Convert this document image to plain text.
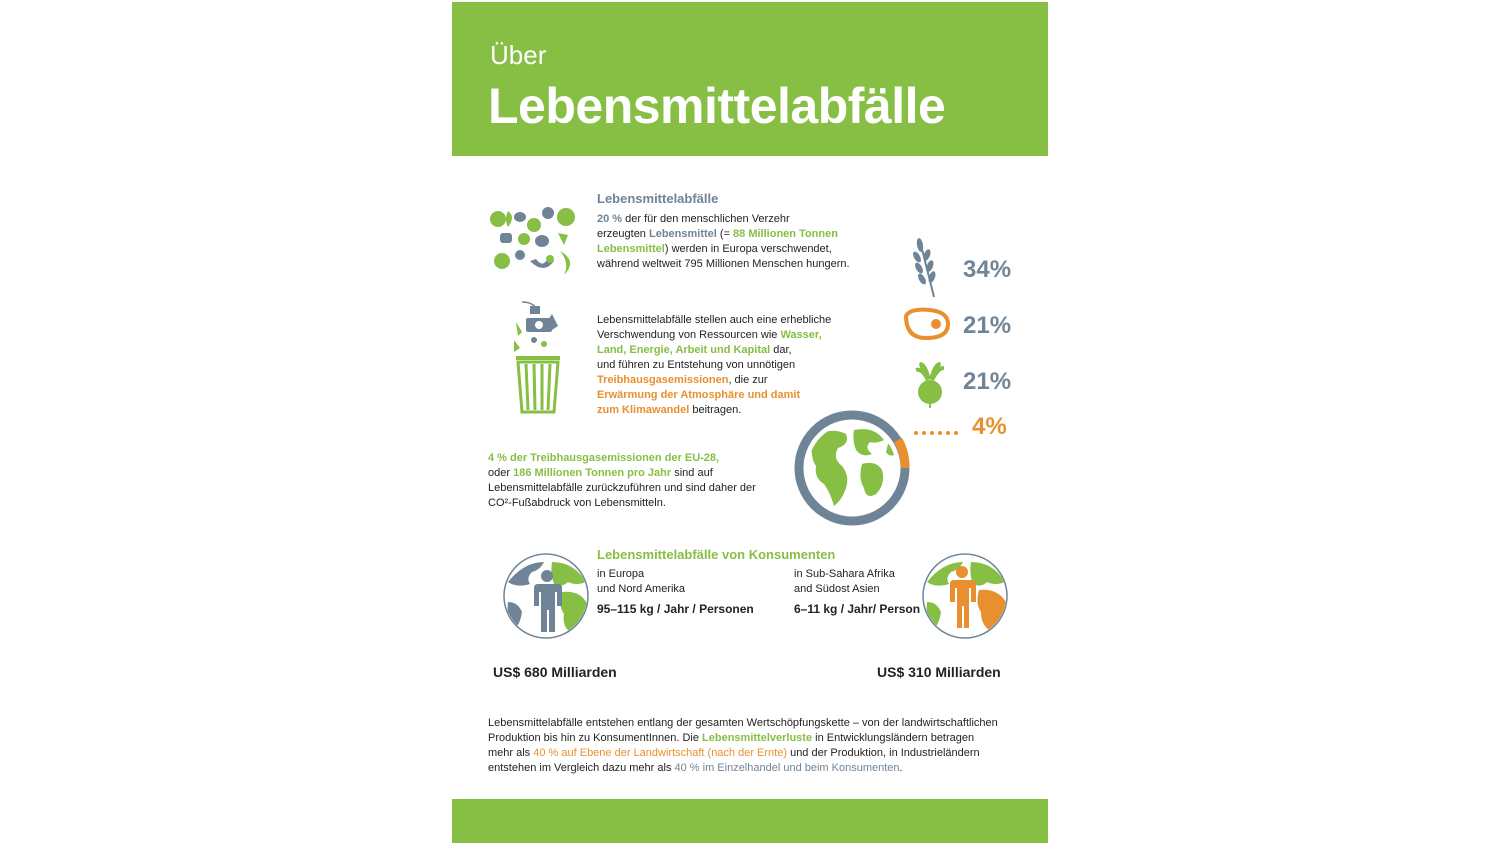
Über
Lebensmittelabfälle
Lebensmittelabfälle
20 % der für den menschlichen Verzehr
erzeugten Lebensmittel (= 88 Millionen Tonnen
Lebensmittel) werden in Europa verschwendet,
während weltweit 795 Millionen Menschen hungern.	34%
21%
21%
Lebensmittelabfälle stellen auch eine erhebliche
Verschwendung von Ressourcen wie Wasser,
Land, Energie, Arbeit und Kapital dar,
und führen zu Entstehung von unnötigen
Treibhausgasemissionen, die zur
Erwärmung der Atmosphäre und damit
zum Klimawandel beitragen.
4%
4 % der Treibhausgasemissionen der EU-28,
oder 186 Millionen Tonnen pro Jahr sind auf
Lebensmittelabfälle zurückzuführen und sind daher der
CO²-Fußabdruck von Lebensmitteln.
Lebensmittelabfälle von Konsumenten
in Europa
und Nord Amerika
95–115 kg / Jahr / Personen
in Sub-Sahara Afrika
and Südost Asien
6–11 kg / Jahr/ Person
US$ 680 Milliarden	US$ 310 Milliarden
Lebensmittelabfälle entstehen entlang der gesamten Wertschöpfungskette – von der landwirtschaftlichen
Produktion bis hin zu KonsumentInnen. Die Lebensmittelverluste in Entwicklungsländern betragen
mehr als 40 % auf Ebene der Landwirtschaft (nach der Ernte) und der Produktion, in Industrieländern
entstehen im Vergleich dazu mehr als 40 % im Einzelhandel und beim Konsumenten.
